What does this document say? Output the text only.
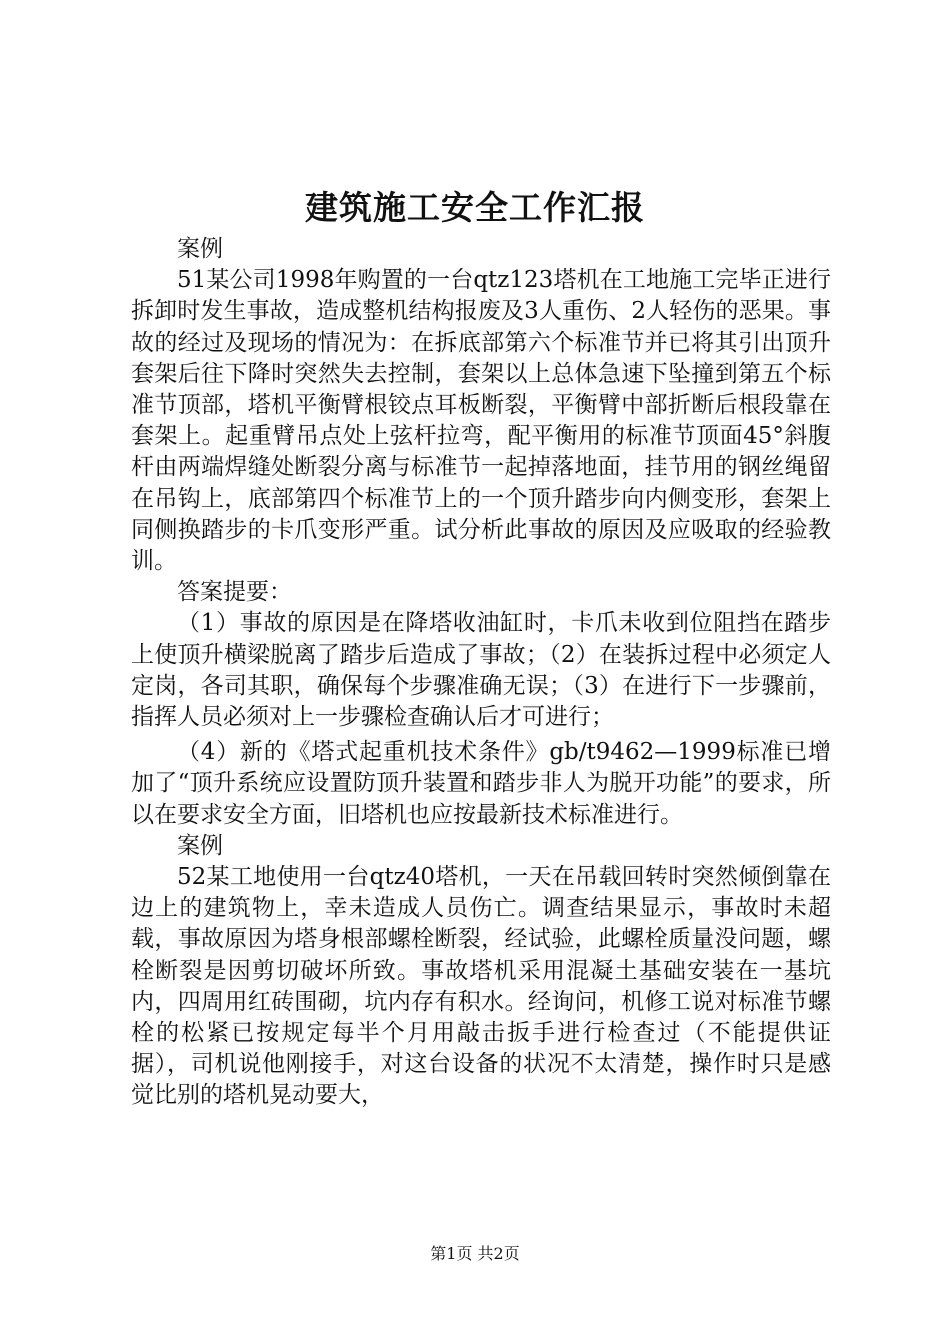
建筑施工安全工作汇报

案例

51某公司1998年购置的一台qtz123塔机在工地施工完毕正进行拆卸时发生事故，造成整机结构报废及3人重伤、2人轻伤的恶果。事故的经过及现场的情况为：在拆底部第六个标准节并已将其引出顶升套架后往下降时突然失去控制，套架以上总体急速下坠撞到第五个标准节顶部，塔机平衡臂根铰点耳板断裂，平衡臂中部折断后根段靠在套架上。起重臂吊点处上弦杆拉弯，配平衡用的标准节顶面45°斜腹杆由两端焊缝处断裂分离与标准节一起掉落地面，挂节用的钢丝绳留在吊钩上，底部第四个标准节上的一个顶升踏步向内侧变形，套架上同侧换踏步的卡爪变形严重。试分析此事故的原因及应吸取的经验教训。

答案提要：

（1）事故的原因是在降塔收油缸时，卡爪未收到位阻挡在踏步上使顶升横梁脱离了踏步后造成了事故；（2）在装拆过程中必须定人定岗，各司其职，确保每个步骤准确无误；（3）在进行下一步骤前，指挥人员必须对上一步骤检查确认后才可进行；

（4）新的《塔式起重机技术条件》gb/t9462—1999标准已增加了“顶升系统应设置防顶升装置和踏步非人为脱开功能”的要求，所以在要求安全方面，旧塔机也应按最新技术标准进行。

案例

52某工地使用一台qtz40塔机，一天在吊载回转时突然倾倒靠在边上的建筑物上，幸未造成人员伤亡。调查结果显示，事故时未超载，事故原因为塔身根部螺栓断裂，经试验，此螺栓质量没问题，螺栓断裂是因剪切破坏所致。事故塔机采用混凝土基础安装在一基坑内，四周用红砖围砌，坑内存有积水。经询问，机修工说对标准节螺栓的松紧已按规定每半个月用敲击扳手进行检查过（不能提供证据），司机说他刚接手，对这台设备的状况不太清楚，操作时只是感觉比别的塔机晃动要大，

第1页 共2页
